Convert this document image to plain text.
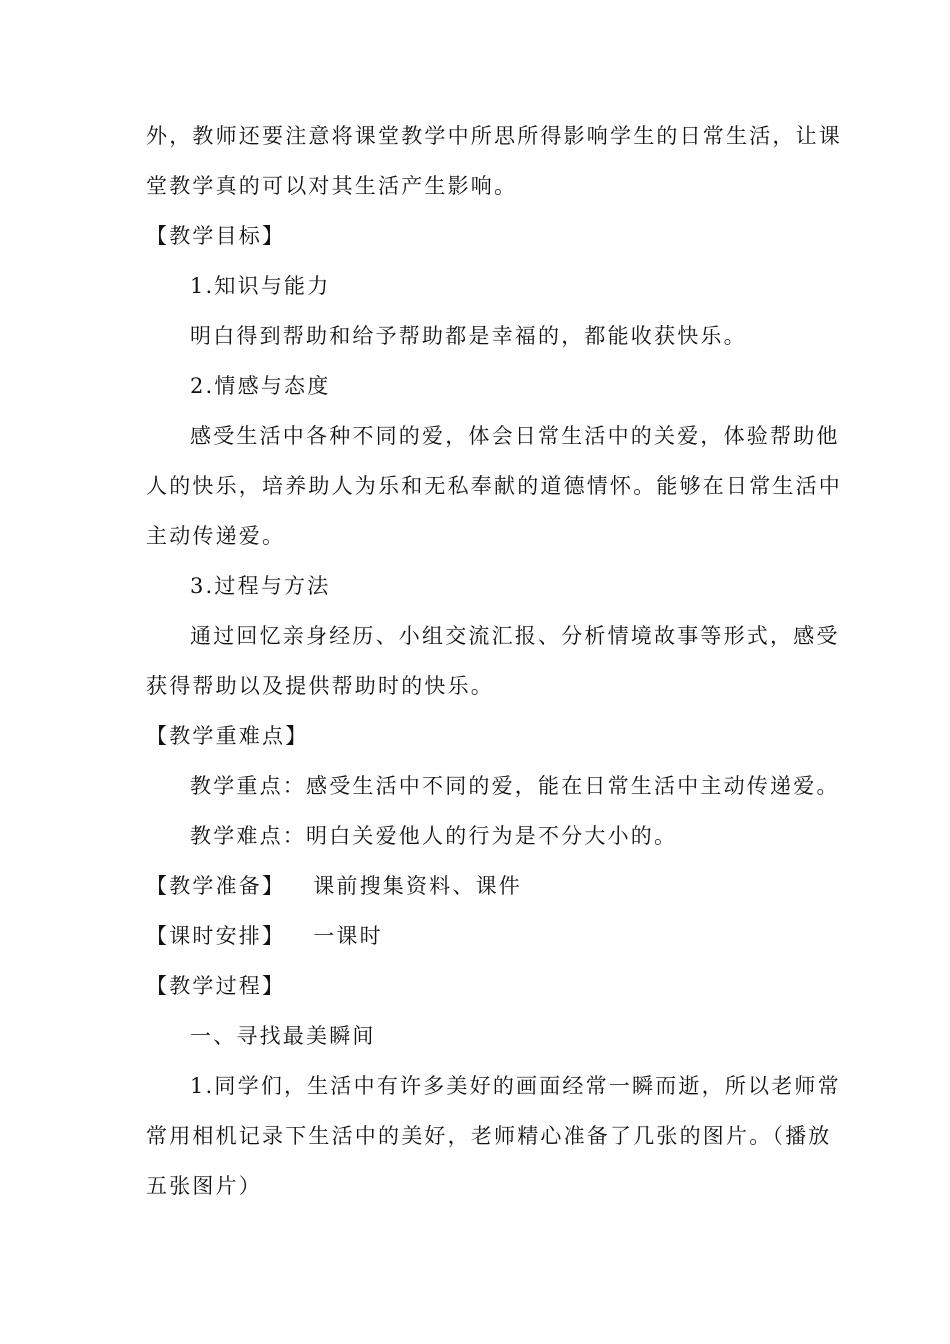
外，教师还要注意将课堂教学中所思所得影响学生的日常生活，让课
堂教学真的可以对其生活产生影响。
【教学目标】
1.知识与能力
明白得到帮助和给予帮助都是幸福的，都能收获快乐。
2.情感与态度
感受生活中各种不同的爱，体会日常生活中的关爱，体验帮助他
人的快乐，培养助人为乐和无私奉献的道德情怀。能够在日常生活中
主动传递爱。
3.过程与方法
通过回忆亲身经历、小组交流汇报、分析情境故事等形式，感受
获得帮助以及提供帮助时的快乐。
【教学重难点】
教学重点：感受生活中不同的爱，能在日常生活中主动传递爱。
教学难点：明白关爱他人的行为是不分大小的。
【教学准备】 课前搜集资料、课件
【课时安排】 一课时
【教学过程】
一、寻找最美瞬间
1.同学们，生活中有许多美好的画面经常一瞬而逝，所以老师常
常用相机记录下生活中的美好，老师精心准备了几张的图片。（播放
五张图片）
